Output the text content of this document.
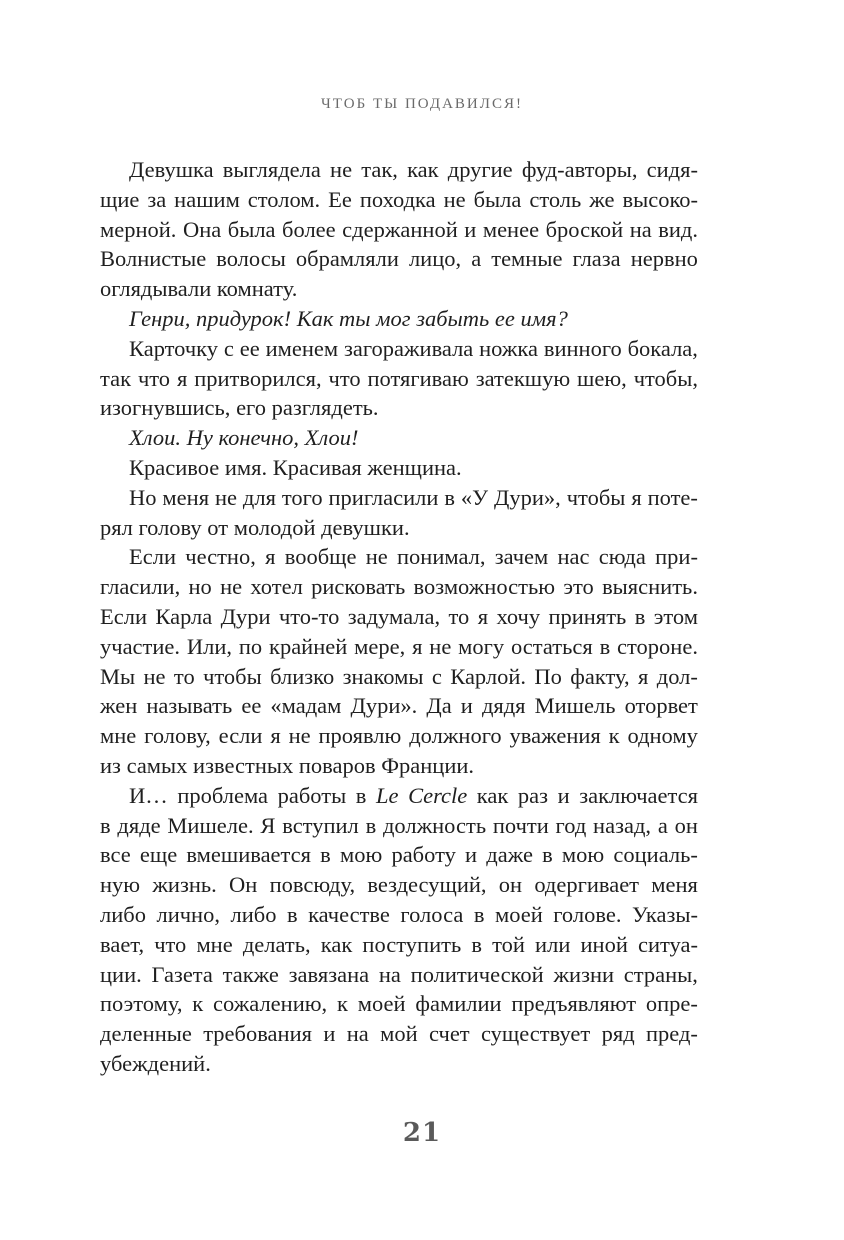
ЧТОБ ТЫ ПОДАВИЛСЯ!
Девушка выглядела не так, как другие фуд-авторы, сидя-
щие за нашим столом. Ее походка не была столь же высоко-
мерной. Она была более сдержанной и менее броской на вид.
Волнистые волосы обрамляли лицо, а темные глаза нервно
оглядывали
комнату.
Генри,
придурок!
Как
ты
мог
забыть
ее
имя?
Карточку с ее именем загораживала ножка винного бокала,
так что я притворился, что потягиваю затекшую шею, чтобы,
изогнувшись,
его
разглядеть.
Хлои.
Ну
конечно,
Хлои!
Красивое
имя.
Красивая
женщина.
Но меня не для того пригласили в «У Дури», чтобы я поте-
рял
голову
от
молодой
девушки.
Если честно, я вообще не понимал, зачем нас сюда при-
гласили, но не хотел рисковать возможностью это выяснить.
Если Карла Дури что-то задумала, то я хочу принять в этом
участие. Или, по крайней мере, я не могу остаться в стороне.
Мы не то чтобы близко знакомы с Карлой. По факту, я дол-
жен называть ее «мадам Дури». Да и дядя Мишель оторвет
мне голову, если я не проявлю должного уважения к одному
из
самых
известных
поваров
Франции.
И… проблема работы в Le Cercle как раз и заключается
в дяде Мишеле. Я вступил в должность почти год назад, а он
все еще вмешивается в мою работу и даже в мою социаль-
ную жизнь. Он повсюду, вездесущий, он одергивает меня
либо лично, либо в качестве голоса в моей голове. Указы-
вает, что мне делать, как поступить в той или иной ситуа-
ции. Газета также завязана на политической жизни страны,
поэтому, к сожалению, к моей фамилии предъявляют опре-
деленные требования и на мой счет существует ряд пред-
убеждений.
21
